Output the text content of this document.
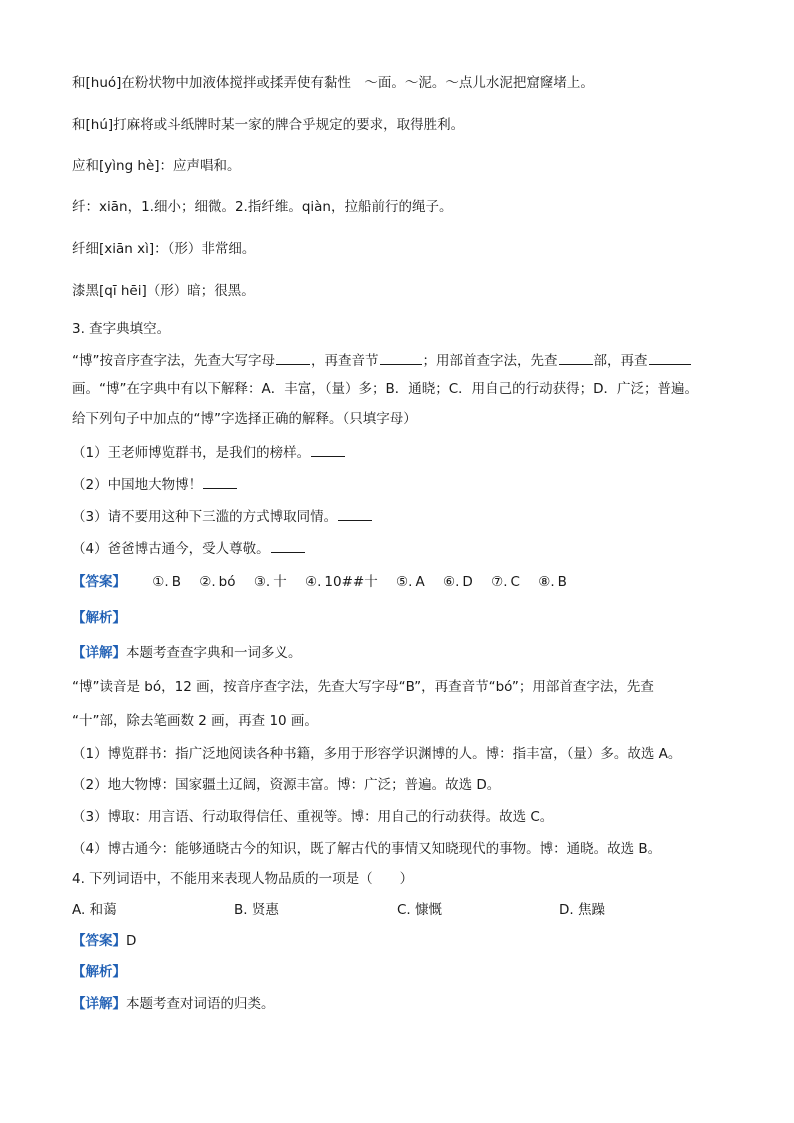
和[huó]在粉状物中加液体搅拌或揉弄使有黏性　～面。～泥。～点儿水泥把窟窿堵上。
和[hú]打麻将或斗纸牌时某一家的牌合乎规定的要求，取得胜利。
应和[yìng hè]：应声唱和。
纤：xiān，1.细小；细微。2.指纤维。qiàn，拉船前行的绳子。
纤细[xiān xì]：（形）非常细。
漆黑[qī hēi]（形）暗；很黑。
3. 查字典填空。
“博”按音序查字法，先查大写字母	，再查音节	；用部首查字法，先查	部，再查
画。“博”在字典中有以下解释：A．丰富，（量）多；B．通晓；C．用自己的行动获得；D．广泛；普遍。
给下列句子中加点的“博”字选择正确的解释。（只填字母）
（1）王老师博览群书，是我们的榜样。
（2）中国地大物博！
（3）请不要用这种下三滥的方式博取同情。
（4）爸爸博古通今，受人尊敬。
【答案】 ①. B ②. bó ③. 十 ④. 10##十 ⑤. A ⑥. D ⑦. C ⑧. B
【解析】
【详解】本题考查查字典和一词多义。
“博”读音是 bó，12 画，按音序查字法，先查大写字母“B”，再查音节“bó”；用部首查字法，先查
“十”部，除去笔画数 2 画，再查 10 画。
（1）博览群书：指广泛地阅读各种书籍，多用于形容学识渊博的人。博：指丰富，（量）多。故选 A。
（2）地大物博：国家疆土辽阔，资源丰富。博：广泛；普遍。故选 D。
（3）博取：用言语、行动取得信任、重视等。博：用自己的行动获得。故选 C。
（4）博古通今：能够通晓古今的知识，既了解古代的事情又知晓现代的事物。博：通晓。故选 B。
4. 下列词语中，不能用来表现人物品质的一项是（　　）
A. 和蔼	B. 贤惠	C. 慷慨	D. 焦躁
【答案】D
【解析】
【详解】本题考查对词语的归类。
